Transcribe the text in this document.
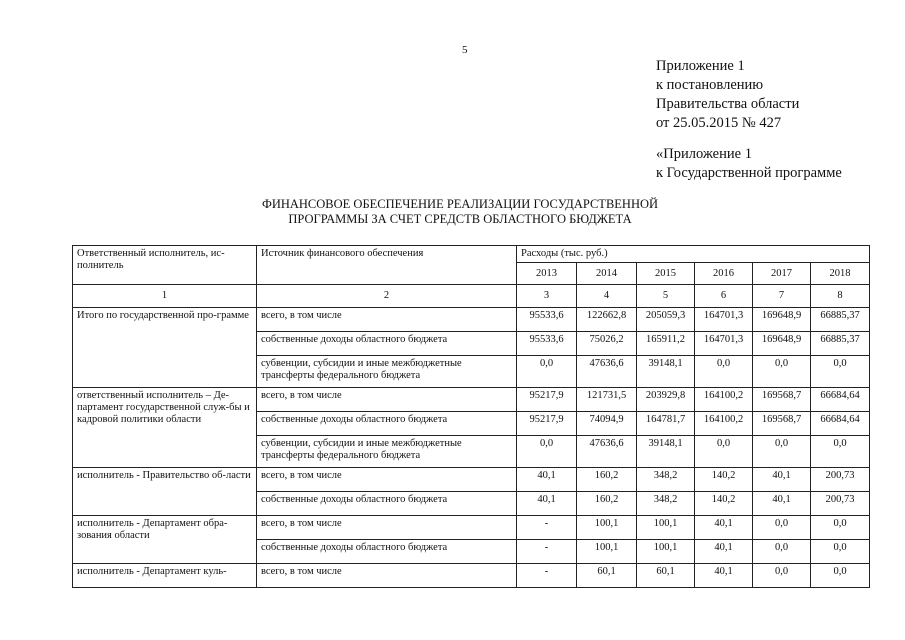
5
Приложение 1
к постановлению
Правительства области
от 25.05.2015 № 427
«Приложение 1
к Государственной программе
ФИНАНСОВОЕ ОБЕСПЕЧЕНИЕ РЕАЛИЗАЦИИ ГОСУДАРСТВЕННОЙ
ПРОГРАММЫ ЗА СЧЕТ СРЕДСТВ ОБЛАСТНОГО БЮДЖЕТА
Ответственный исполнитель, ис-полнитель	Источник финансового обеспечения	Расходы (тыс. руб.)					
		2013	2014	2015	2016	2017	2018
1	2	3	4	5	6	7	8
Итого по государственной про-грамме	всего, в том числе	95533,6	122662,8	205059,3	164701,3	169648,9	66885,37
	собственные доходы областного бюджета	95533,6	75026,2	165911,2	164701,3	169648,9	66885,37
	субвенции, субсидии и иные межбюджетные трансферты федерального бюджета	0,0	47636,6	39148,1	0,0	0,0	0,0
ответственный исполнитель – Де-партамент государственной служ-бы и кадровой политики области	всего, в том числе	95217,9	121731,5	203929,8	164100,2	169568,7	66684,64
	собственные доходы областного бюджета	95217,9	74094,9	164781,7	164100,2	169568,7	66684,64
	субвенции, субсидии и иные межбюджетные трансферты федерального бюджета	0,0	47636,6	39148,1	0,0	0,0	0,0
исполнитель - Правительство об-ласти	всего, в том числе	40,1	160,2	348,2	140,2	40,1	200,73
	собственные доходы областного бюджета	40,1	160,2	348,2	140,2	40,1	200,73
исполнитель - Департамент обра-зования области	всего, в том числе	-	100,1	100,1	40,1	0,0	0,0
	собственные доходы областного бюджета	-	100,1	100,1	40,1	0,0	0,0
исполнитель - Департамент куль-	всего, в том числе	-	60,1	60,1	40,1	0,0	0,0
